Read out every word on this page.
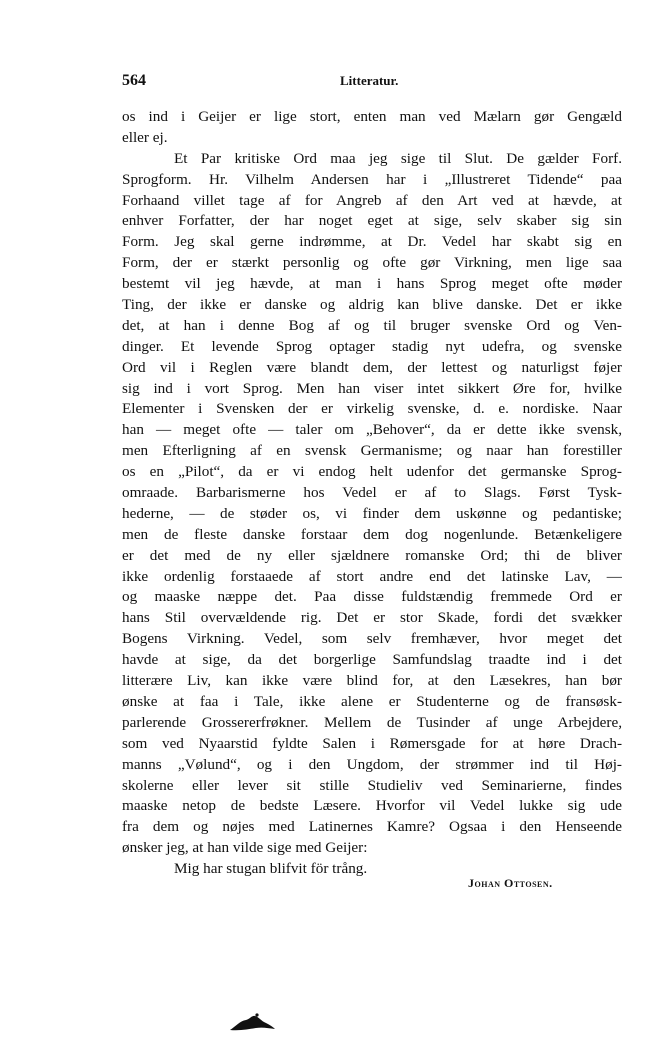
564	Litteratur.
os ind i Geijer er lige stort, enten man ved Mælarn gør Gengæld
eller ej.
Et Par kritiske Ord maa jeg sige til Slut. De gælder Forf.
Sprogform. Hr. Vilhelm Andersen har i „Illustreret Tidende“ paa
Forhaand villet tage af for Angreb af den Art ved at hævde, at
enhver Forfatter, der har noget eget at sige, selv skaber sig sin
Form. Jeg skal gerne indrømme, at Dr. Vedel har skabt sig en
Form, der er stærkt personlig og ofte gør Virkning, men lige saa
bestemt vil jeg hævde, at man i hans Sprog meget ofte møder
Ting, der ikke er danske og aldrig kan blive danske. Det er ikke
det, at han i denne Bog af og til bruger svenske Ord og Ven-
dinger. Et levende Sprog optager stadig nyt udefra, og svenske
Ord vil i Reglen være blandt dem, der lettest og naturligst føjer
sig ind i vort Sprog. Men han viser intet sikkert Øre for, hvilke
Elementer i Svensken der er virkelig svenske, d. e. nordiske. Naar
han — meget ofte — taler om „Behover“, da er dette ikke svensk,
men Efterligning af en svensk Germanisme; og naar han forestiller
os en „Pilot“, da er vi endog helt udenfor det germanske Sprog-
omraade. Barbarismerne hos Vedel er af to Slags. Først Tysk-
hederne, — de støder os, vi finder dem uskønne og pedantiske;
men de fleste danske forstaar dem dog nogenlunde. Betænkeligere
er det med de ny eller sjældnere romanske Ord; thi de bliver
ikke ordenlig forstaaede af stort andre end det latinske Lav, —
og maaske næppe det. Paa disse fuldstændig fremmede Ord er
hans Stil overvældende rig. Det er stor Skade, fordi det svækker
Bogens Virkning. Vedel, som selv fremhæver, hvor meget det
havde at sige, da det borgerlige Samfundslag traadte ind i det
litterære Liv, kan ikke være blind for, at den Læsekres, han bør
ønske at faa i Tale, ikke alene er Studenterne og de fransøsk-
parlerende Grossererfrøkner. Mellem de Tusinder af unge Arbejdere,
som ved Nyaarstid fyldte Salen i Rømersgade for at høre Drach-
manns „Vølund“, og i den Ungdom, der strømmer ind til Høj-
skolerne eller lever sit stille Studieliv ved Seminarierne, findes
maaske netop de bedste Læsere. Hvorfor vil Vedel lukke sig ude
fra dem og nøjes med Latinernes Kamre? Ogsaa i den Henseende
ønsker jeg, at han vilde sige med Geijer:
Mig har stugan blifvit för trång.
Johan Ottosen.
